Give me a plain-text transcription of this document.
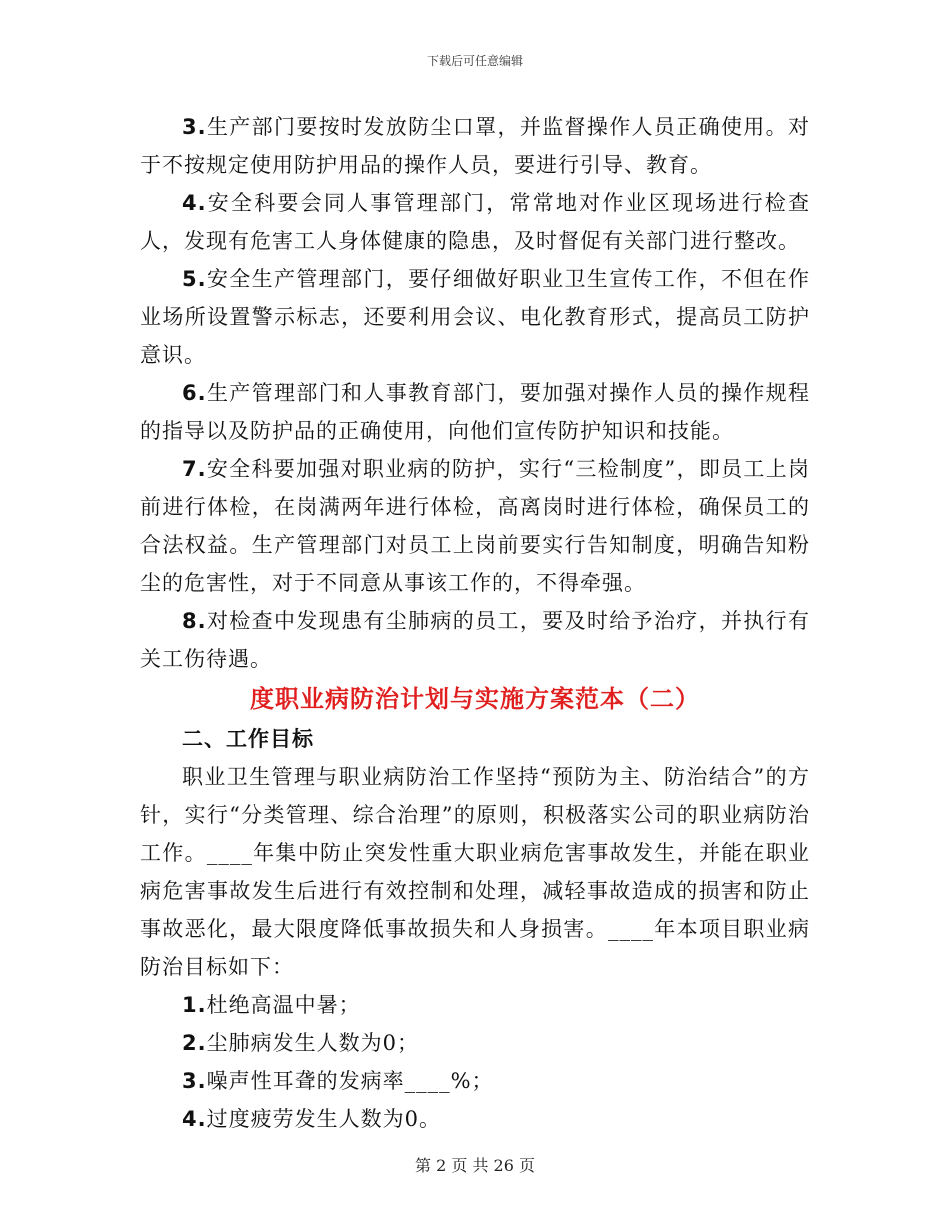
下载后可任意编辑

3.生产部门要按时发放防尘口罩，并监督操作人员正确使用。对于不按规定使用防护用品的操作人员，要进行引导、教育。

4.安全科要会同人事管理部门，常常地对作业区现场进行检查人，发现有危害工人身体健康的隐患，及时督促有关部门进行整改。

5.安全生产管理部门，要仔细做好职业卫生宣传工作，不但在作业场所设置警示标志，还要利用会议、电化教育形式，提高员工防护意识。

6.生产管理部门和人事教育部门，要加强对操作人员的操作规程的指导以及防护品的正确使用，向他们宣传防护知识和技能。

7.安全科要加强对职业病的防护，实行“三检制度”，即员工上岗前进行体检，在岗满两年进行体检，高离岗时进行体检，确保员工的合法权益。生产管理部门对员工上岗前要实行告知制度，明确告知粉尘的危害性，对于不同意从事该工作的，不得牵强。

8.对检查中发现患有尘肺病的员工，要及时给予治疗，并执行有关工伤待遇。

度职业病防治计划与实施方案范本（二）

二、工作目标

职业卫生管理与职业病防治工作坚持“预防为主、防治结合”的方针，实行“分类管理、综合治理”的原则，积极落实公司的职业病防治工作。____年集中防止突发性重大职业病危害事故发生，并能在职业病危害事故发生后进行有效控制和处理，减轻事故造成的损害和防止事故恶化，最大限度降低事故损失和人身损害。____年本项目职业病防治目标如下：

1.杜绝高温中暑；

2.尘肺病发生人数为0；

3.噪声性耳聋的发病率____%；

4.过度疲劳发生人数为0。

第 2 页 共 26 页
